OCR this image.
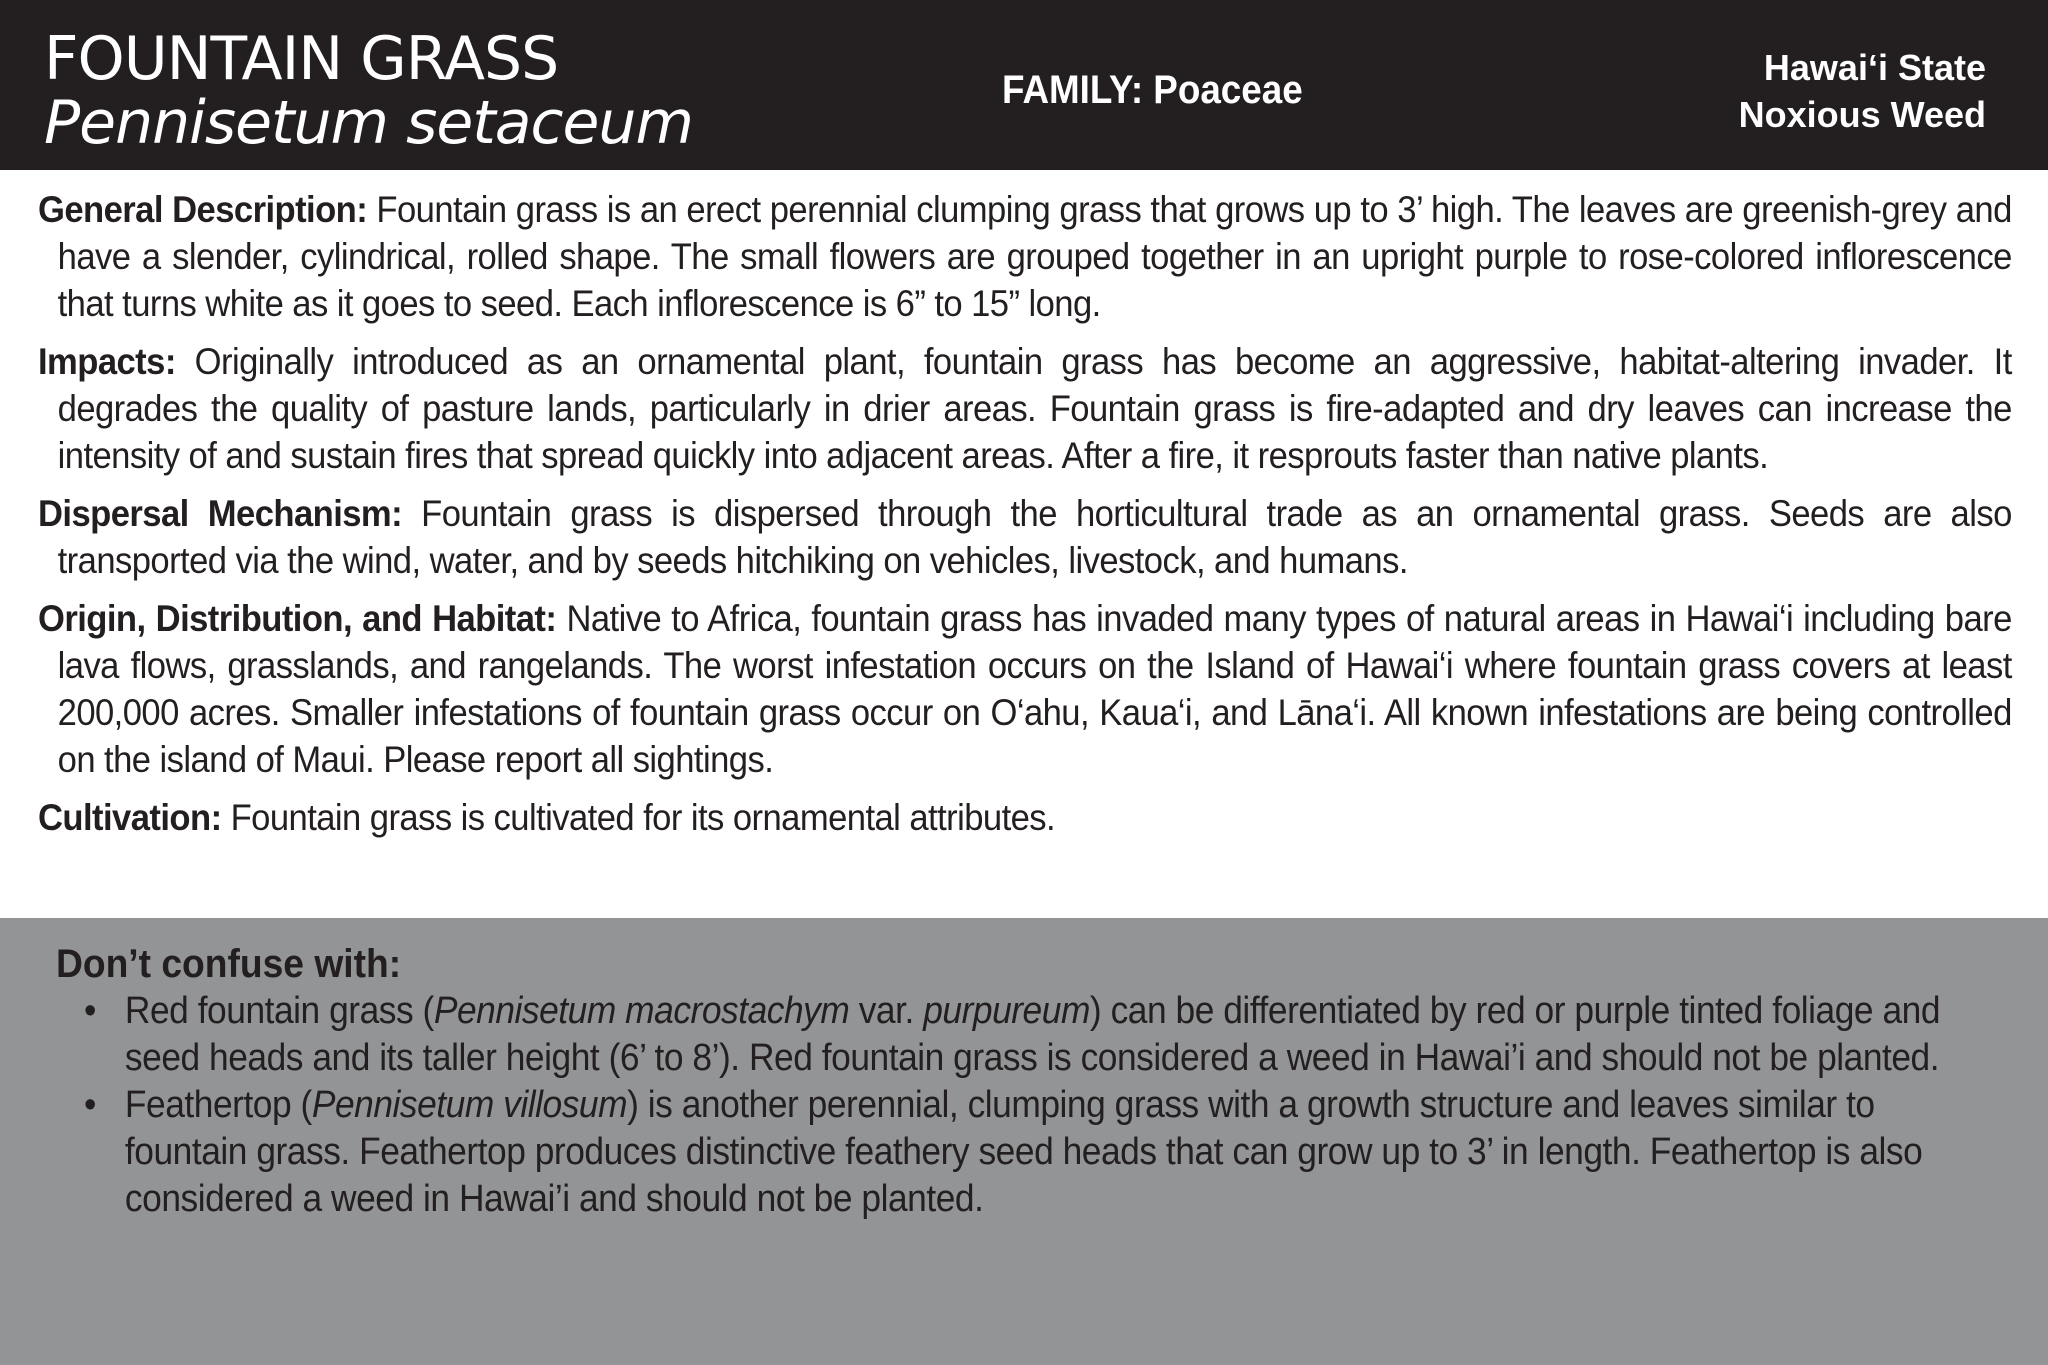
FOUNTAIN GRASS
Pennisetum setaceum	FAMILY: Poaceae
Hawai‘i State
Noxious Weed

General Description: Fountain grass is an erect perennial clumping grass that grows up to 3’ high. The leaves are greenish-grey and have a slender, cylindrical, rolled shape. The small flowers are grouped together in an upright purple to rose-colored inflorescence that turns white as it goes to seed. Each inflorescence is 6” to 15” long.

Impacts: Originally introduced as an ornamental plant, fountain grass has become an aggressive, habitat-altering invader. It degrades the quality of pasture lands, particularly in drier areas. Fountain grass is fire-adapted and dry leaves can increase the intensity of and sustain fires that spread quickly into adjacent areas. After a fire, it resprouts faster than native plants.

Dispersal Mechanism: Fountain grass is dispersed through the horticultural trade as an ornamental grass. Seeds are also transported via the wind, water, and by seeds hitchiking on vehicles, livestock, and humans.

Origin, Distribution, and Habitat: Native to Africa, fountain grass has invaded many types of natural areas in Hawai‘i including bare lava flows, grasslands, and rangelands. The worst infestation occurs on the Island of Hawai‘i where fountain grass covers at least 200,000 acres. Smaller infestations of fountain grass occur on O‘ahu, Kaua‘i, and Lāna‘i. All known infestations are being controlled on the island of Maui. Please report all sightings.

Cultivation: Fountain grass is cultivated for its ornamental attributes.

Don’t confuse with:
• Red fountain grass (Pennisetum macrostachym var. purpureum) can be differentiated by red or purple tinted foliage and seed heads and its taller height (6’ to 8’). Red fountain grass is considered a weed in Hawai’i and should not be planted.
• Feathertop (Pennisetum villosum) is another perennial, clumping grass with a growth structure and leaves similar to fountain grass. Feathertop produces distinctive feathery seed heads that can grow up to 3’ in length. Feathertop is also considered a weed in Hawai’i and should not be planted.
